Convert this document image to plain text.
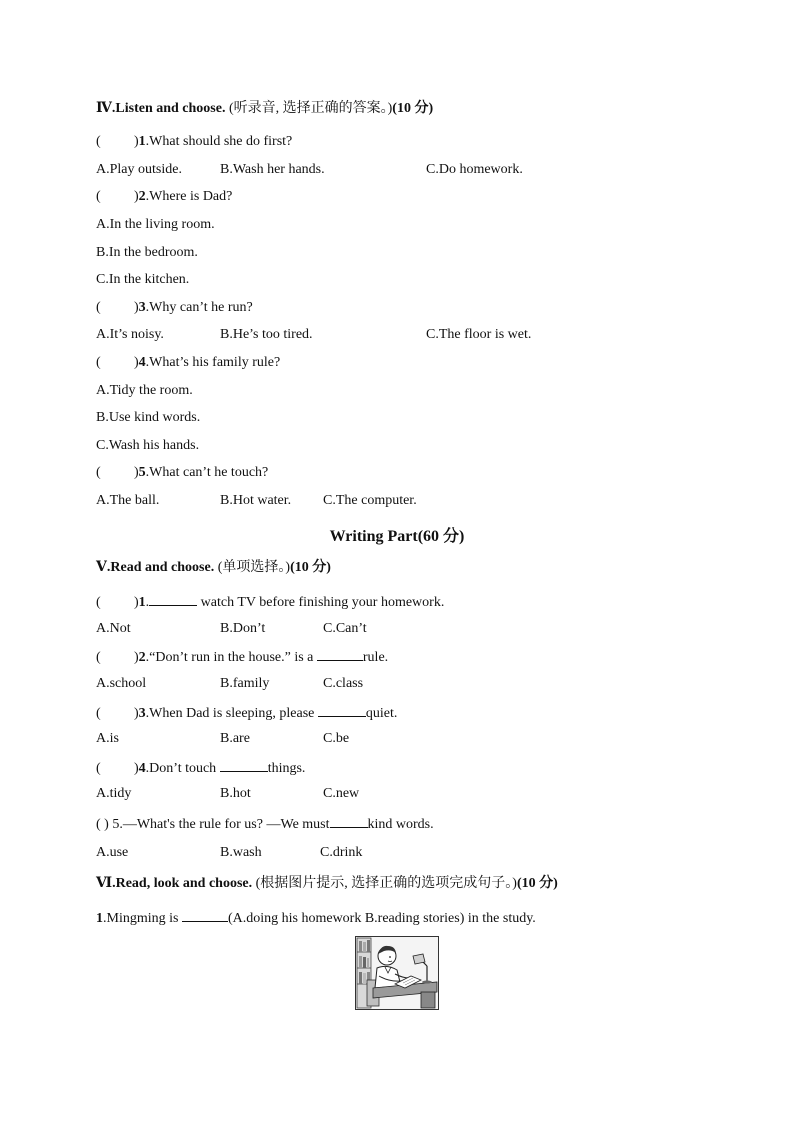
Ⅳ.Listen and choose. (听录音, 选择正确的答案。)(10 分)
( )1.What should she do first?
A.Play outside.	B.Wash her hands.	C.Do homework.
( )2.Where is Dad?
A.In the living room.
B.In the bedroom.
C.In the kitchen.
( )3.Why can’t he run?
A.It’s noisy.	B.He’s too tired.	C.The floor is wet.
( )4.What’s his family rule?
A.Tidy the room.
B.Use kind words.
C.Wash his hands.
( )5.What can’t he touch?
A.The ball.	B.Hot water. C.The computer.
Writing Part(60 分)
Ⅴ.Read and choose. (单项选择。)(10 分)
( )1.	watch TV before finishing your homework.
A.Not	B.Don’t	C.Can’t
( )2.“Don’t run in the house.” is a	rule.
A.school	B.family	C.class
( )3.When Dad is sleeping, please	quiet.
A.is	B.are	C.be
( )4.Don’t touch	things.
A.tidy	B.hot	C.new
( ) 5.—What's the rule for us? —We must	kind words.
A.use	B.wash	C.drink
Ⅵ.Read, look and choose. (根据图片提示, 选择正确的选项完成句子。)(10 分)
1.Mingming is	(A.doing his homework B.reading stories) in the study.
